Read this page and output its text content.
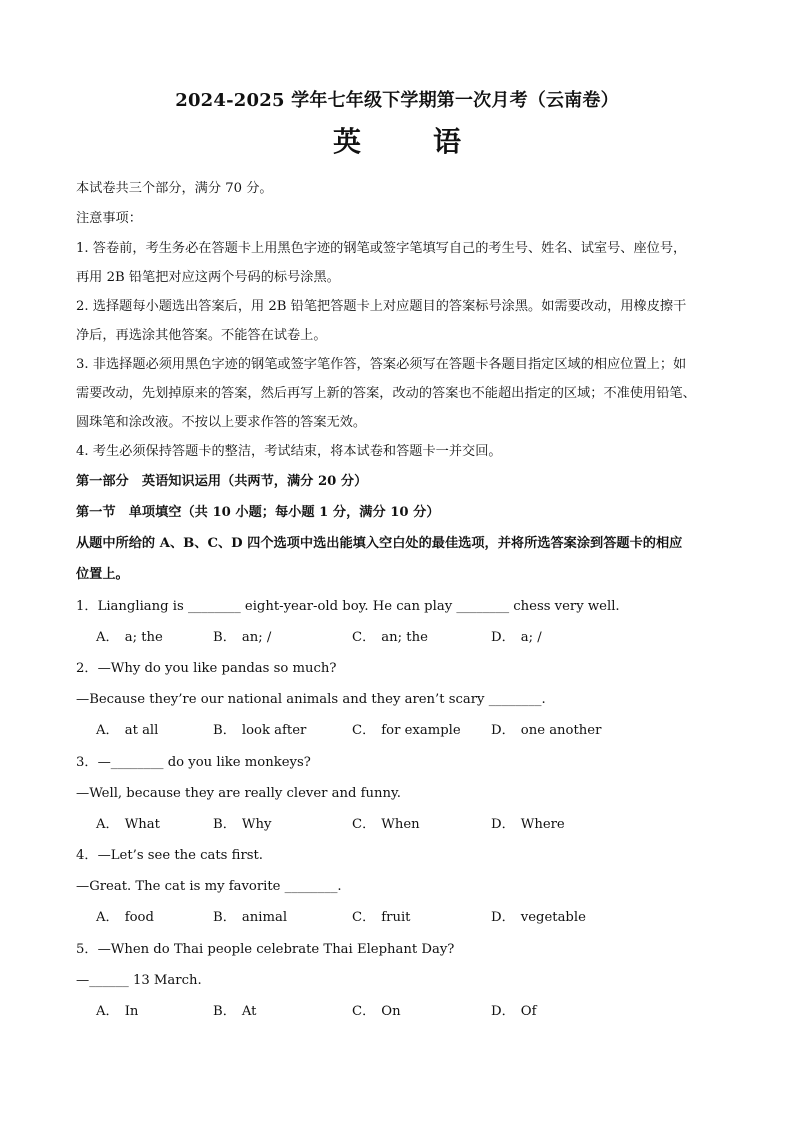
2024-2025 学年七年级下学期第一次月考（云南卷）
英　语
本试卷共三个部分，满分 70 分。
注意事项：
1. 答卷前，考生务必在答题卡上用黑色字迹的钢笔或签字笔填写自己的考生号、姓名、试室号、座位号，
再用 2B 铅笔把对应这两个号码的标号涂黑。
2. 选择题每小题选出答案后，用 2B 铅笔把答题卡上对应题目的答案标号涂黑。如需要改动，用橡皮擦干
净后，再选涂其他答案。不能答在试卷上。
3. 非选择题必须用黑色字迹的钢笔或签字笔作答，答案必须写在答题卡各题目指定区域的相应位置上；如
需要改动，先划掉原来的答案，然后再写上新的答案，改动的答案也不能超出指定的区域；不准使用铅笔、
圆珠笔和涂改液。不按以上要求作答的答案无效。
4. 考生必须保持答题卡的整洁，考试结束，将本试卷和答题卡一并交回。
第一部分　英语知识运用（共两节，满分 20 分）
第一节　单项填空（共 10 小题；每小题 1 分，满分 10 分）
从题中所给的 A、B、C、D 四个选项中选出能填入空白处的最佳选项，并将所选答案涂到答题卡的相应
位置上。
1．Liangliang is ________ eight-year-old boy. He can play ________ chess very well.
A． a; the	B． an; /	C． an; the	D． a; /
2．—Why do you like pandas so much?
—Because they’re our national animals and they aren’t scary ________.
A． at all	B． look after	C． for example D． one another
3．—________ do you like monkeys?
—Well, because they are really clever and funny.
A． What	B． Why	C． When	D． Where
4．—Let’s see the cats first.
—Great. The cat is my favorite ________.
A． food	B． animal	C． fruit	D． vegetable
5．—When do Thai people celebrate Thai Elephant Day?
—______ 13 March.
A． In	B． At	C． On	D． Of
